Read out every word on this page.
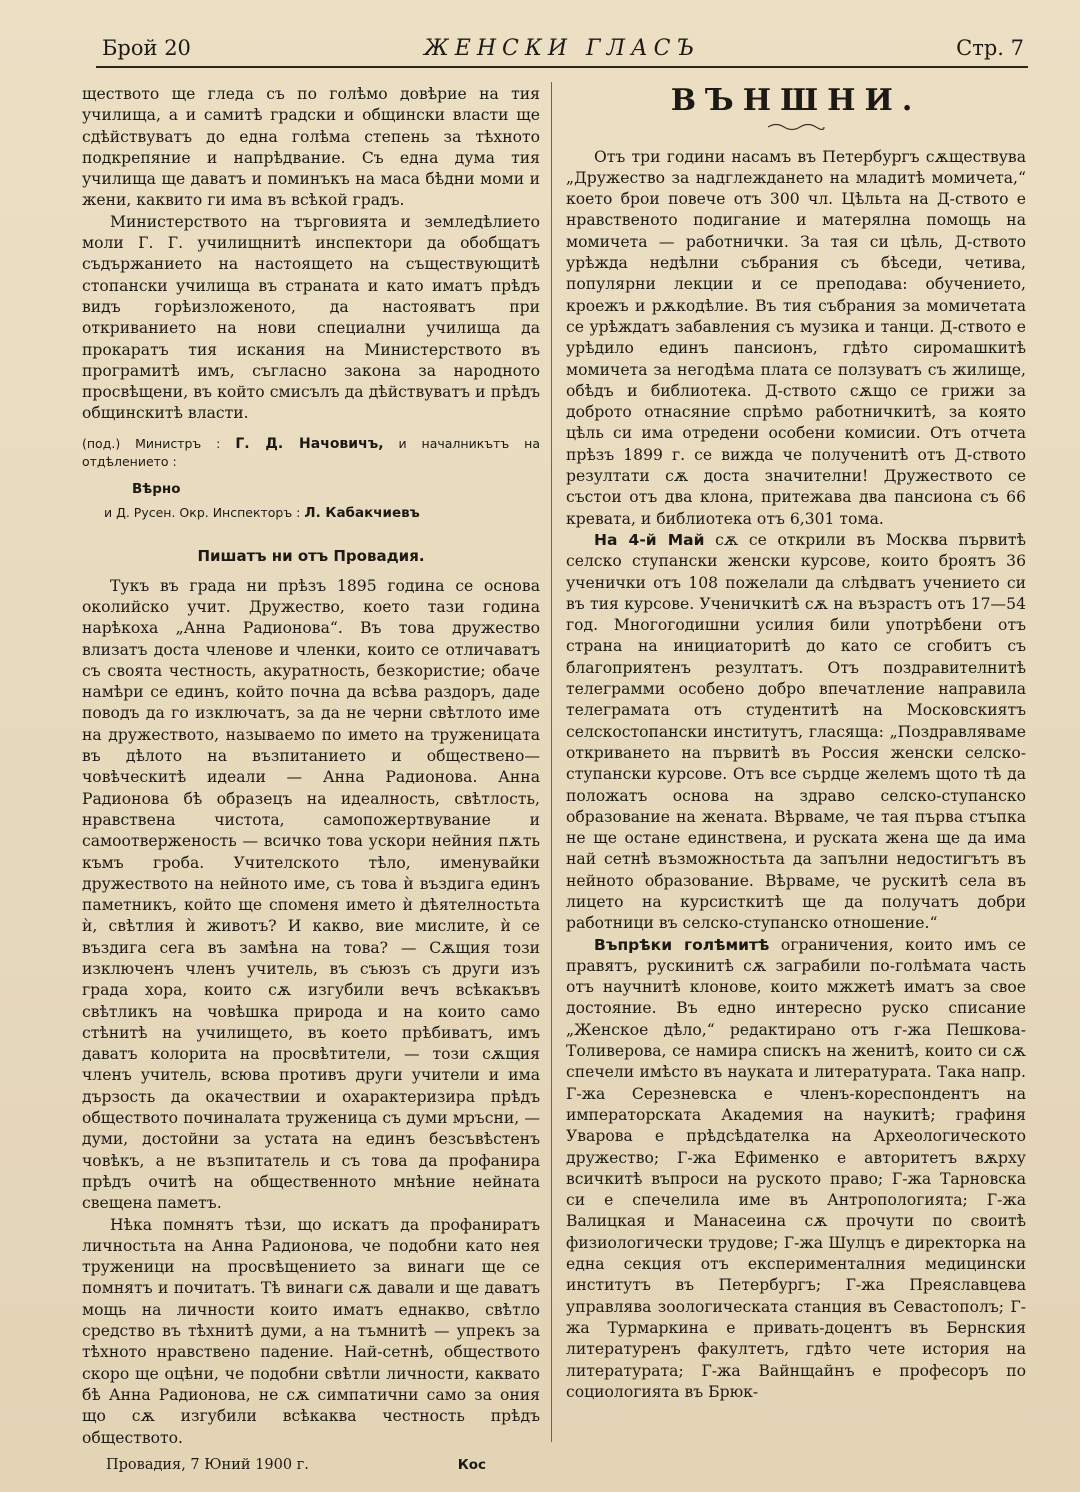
Брой 20	ЖЕНСКИ ГЛАСЪ	Стр. 7

ществото ще гледа съ по голѣмо довѣрие на тия училища, а и самитѣ градски и общински власти ще сдѣйствуватъ до една голѣма степень за тѣхното подкрепяние и напрѣдвание. Съ една дума тия училища ще даватъ и поминъкъ на маса бѣдни моми и жени, каквито ги има въ всѣкой градъ.

Министерството на търговията и земледѣлието моли Г. Г. училищнитѣ инспектори да обобщатъ съдържанието на настоящето на съществующитѣ стопански училища въ страната и като иматъ прѣдъ видъ горѣизложеното, да настояватъ при откриванието на нови специални училища да прокаратъ тия искания на Министерството въ програмитѣ имъ, съгласно закона за народното просвѣщени, въ който смисълъ да дѣйствуватъ и прѣдъ общинскитѣ власти.

(под.) Министръ : Г. Д. Начовичъ, и началникътъ на отдѣлението :
Вѣрно
и Д. Русен. Окр. Инспекторъ : Л. Кабакчиевъ
Пишатъ ни отъ Провадия.

Тукъ въ града ни прѣзъ 1895 година се основа околийско учит. Дружество, което тази година нарѣкоха „Анна Радионова“. Въ това дружество влизатъ доста членове и членки, които се отличаватъ съ своята честность, акуратность, безкористие; обаче намѣри се единъ, който почна да всѣва раздоръ, даде поводъ да го изключатъ, за да не черни свѣтлото име на дружеството, называемо по името на труженицата въ дѣлото на възпитанието и обществено—човѣческитѣ идеали — Анна Радионова. Анна Радионова бѣ образецъ на идеалность, свѣтлость, нравствена чистота, самопожертвувание и самоотверженость — всичко това ускори нейния пѫть къмъ гроба. Учителското тѣло, именувайки дружеството на нейното име, съ това ѝ въздига единъ паметникъ, който ще споменя името ѝ дѣятелностьта ѝ, свѣтлия ѝ животъ? И какво, вие мислите, ѝ се въздига сега въ замѣна на това? — Сѫщия този изключенъ членъ учитель, въ съюзъ съ други изъ града хора, които сѫ изгубили вечъ всѣкакъвъ свѣтликъ на човѣшка природа и на които само стѣнитѣ на училището, въ което прѣбиватъ, имъ даватъ колорита на просвѣтители, — този сѫщия членъ учитель, всюва противъ други учители и има дързость да окачествии и охарактеризира прѣдъ обществото починалата труженица съ думи мръсни, — думи, достойни за устата на единъ безсъвѣстенъ човѣкъ, а не възпитатель и съ това да профанира прѣдъ очитѣ на общественното мнѣние нейната свещена паметъ.

Нѣка помнятъ тѣзи, що искатъ да профаниратъ личностьта на Анна Радионова, че подобни като нея труженици на просвѣщението за винаги ще се помнятъ и почитатъ. Тѣ винаги сѫ давали и ще даватъ мощь на личности които иматъ еднакво, свѣтло средство въ тѣхнитѣ думи, а на тъмнитѣ — упрекъ за тѣхното нравствено падение. Най-сетнѣ, обществото скоро ще оцѣни, че подобни свѣтли личности, каквато бѣ Анна Радионова, не сѫ симпатични само за ония що сѫ изгубили всѣкаква честность прѣдъ обществото.

Провадия, 7 Юний 1900 г.	Кос
ВЪНШНИ.

Отъ три години насамъ въ Петербургъ сѫществува „Дружество за надглеждането на младитѣ момичета,“ което брои повече отъ 300 чл. Цѣльта на Д-ството е нравственото подигание и матерялна помощь на момичета — работнички. За тая си цѣль, Д-ството урѣжда недѣлни събрания съ бѣседи, четива, популярни лекции и се преподава: обучението, кроежъ и рѫкодѣлие. Въ тия събрания за момичетата се урѣждатъ забавления съ музика и танци. Д-ството е урѣдило единъ пансионъ, гдѣто сиромашкитѣ момичета за негодѣма плата се ползуватъ съ жилище, обѣдъ и библиотека. Д-ството сѫщо се грижи за доброто отнасяние спрѣмо работничкитѣ, за която цѣль си има отредени особени комисии. Отъ отчета прѣзъ 1899 г. се вижда че полученитѣ отъ Д-ството резултати сѫ доста значителни! Дружеството се състои отъ два клона, притежава два пансиона съ 66 кревата, и библиотека отъ 6,301 тома.

На 4-й Май сѫ се открили въ Москва първитѣ селско ступански женски курсове, които броятъ 36 ученички отъ 108 пожелали да слѣдватъ учението си въ тия курсове. Ученичкитѣ сѫ на възрастъ отъ 17—54 год. Многогодишни усилия били употрѣбени отъ страна на инициаторитѣ до като се сгобитъ съ благоприятенъ резултатъ. Отъ поздравителнитѣ телеграмми особено добро впечатление направила телеграмата отъ студентитѣ на Московскиятъ селскостопански институтъ, гласяща: „Поздравляваме откриването на първитѣ въ Россия женски селско-ступански курсове. Отъ все сърдце желемъ щото тѣ да положатъ основа на здраво селско-ступанско образование на жената. Вѣрваме, че тая първа стъпка не ще остане единствена, и руската жена ще да има най сетнѣ възможностьта да запълни недостигътъ въ нейното образование. Вѣрваме, че рускитѣ села въ лицето на курсисткитѣ ще да получатъ добри работници въ селско-ступанско отношение.“

Въпрѣки голѣмитѣ ограничения, които имъ се правятъ, рускинитѣ сѫ заграбили по-голѣмата часть отъ научнитѣ клонове, които мжжетѣ иматъ за свое достояние. Въ едно интересно руско списание „Женское дѣло,“ редактирано отъ г-жа Пешкова-Толиверова, се намира спискъ на женитѣ, които си сѫ спечели имѣсто въ науката и литературата. Така напр. Г-жа Серезневска е членъ-кореспондентъ на императорската Академия на наукитѣ; графиня Уварова е прѣдсѣдателка на Археологическото дружество; Г-жа Ефименко е авторитетъ вѫрху всичкитѣ въпроси на руското право; Г-жа Тарновска си е спечелила име въ Антропологията; Г-жа Валицкая и Манасеина сѫ прочути по своитѣ физиологически трудове; Г-жа Шулцъ е директорка на една секция отъ експерименталния медицински институтъ въ Петербургъ; Г-жа Преяславцева управлява зоологическата станция въ Севастополъ; Г-жа Турмаркина е привать-доцентъ въ Бернския литературенъ факултетъ, гдѣто чете история на литературата; Г-жа Вайнщайнъ е професоръ по социологията въ Брюк-
